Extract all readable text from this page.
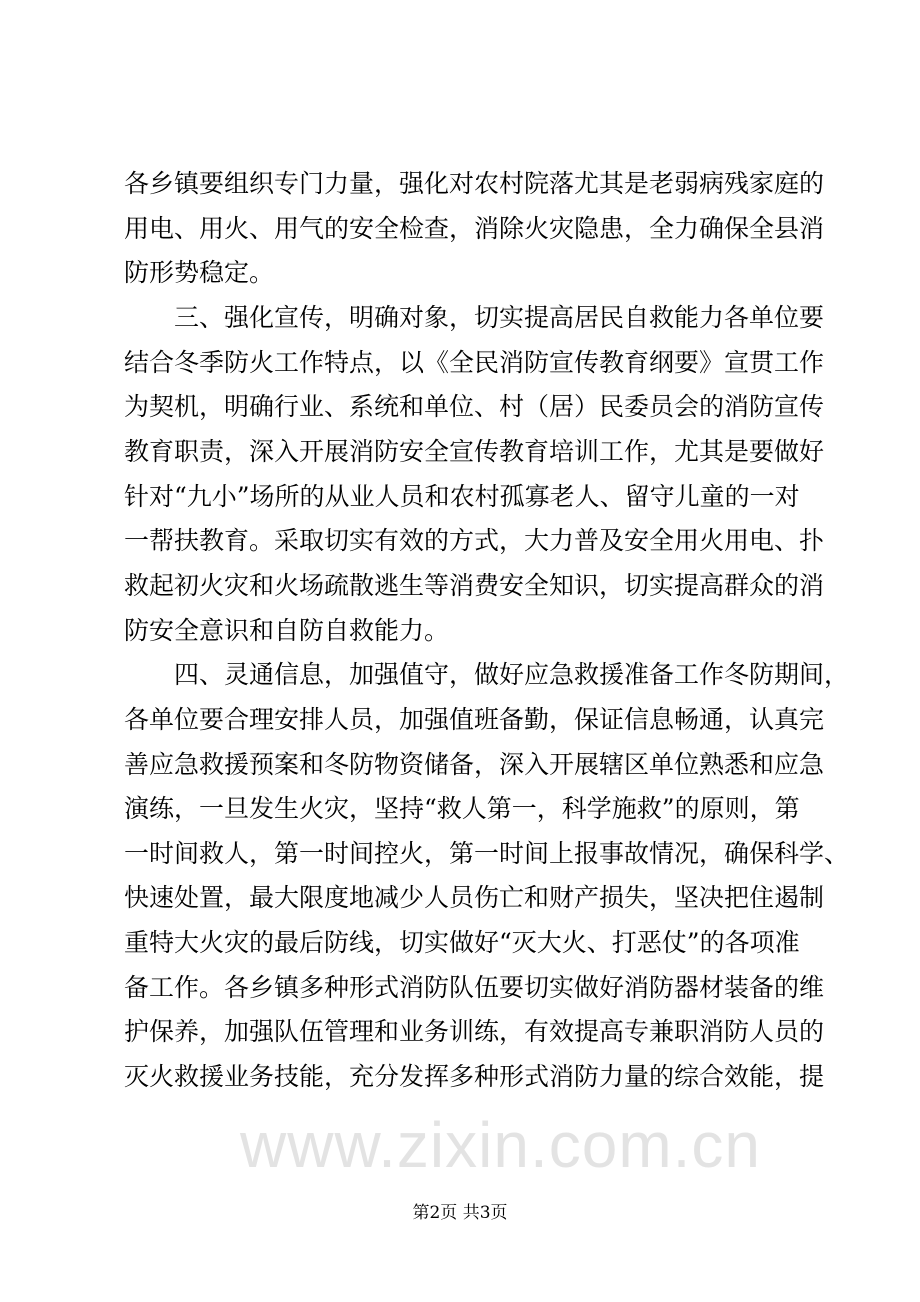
各乡镇要组织专门力量，强化对农村院落尤其是老弱病残家庭的
用电、用火、用气的安全检查，消除火灾隐患，全力确保全县消
防形势稳定。
三、强化宣传，明确对象，切实提高居民自救能力各单位要
结合冬季防火工作特点，以《全民消防宣传教育纲要》宣贯工作
为契机，明确行业、系统和单位、村（居）民委员会的消防宣传
教育职责，深入开展消防安全宣传教育培训工作，尤其是要做好
针对“九小”场所的从业人员和农村孤寡老人、留守儿童的一对
一帮扶教育。采取切实有效的方式，大力普及安全用火用电、扑
救起初火灾和火场疏散逃生等消费安全知识，切实提高群众的消
防安全意识和自防自救能力。
四、灵通信息，加强值守，做好应急救援准备工作冬防期间，
各单位要合理安排人员，加强值班备勤，保证信息畅通，认真完
善应急救援预案和冬防物资储备，深入开展辖区单位熟悉和应急
演练，一旦发生火灾，坚持“救人第一，科学施救”的原则，第
一时间救人，第一时间控火，第一时间上报事故情况，确保科学、
快速处置，最大限度地减少人员伤亡和财产损失，坚决把住遏制
重特大火灾的最后防线，切实做好“灭大火、打恶仗”的各项准
备工作。各乡镇多种形式消防队伍要切实做好消防器材装备的维
护保养，加强队伍管理和业务训练，有效提高专兼职消防人员的
灭火救援业务技能，充分发挥多种形式消防力量的综合效能，提
www.zixin.com.cn
第2页 共3页
